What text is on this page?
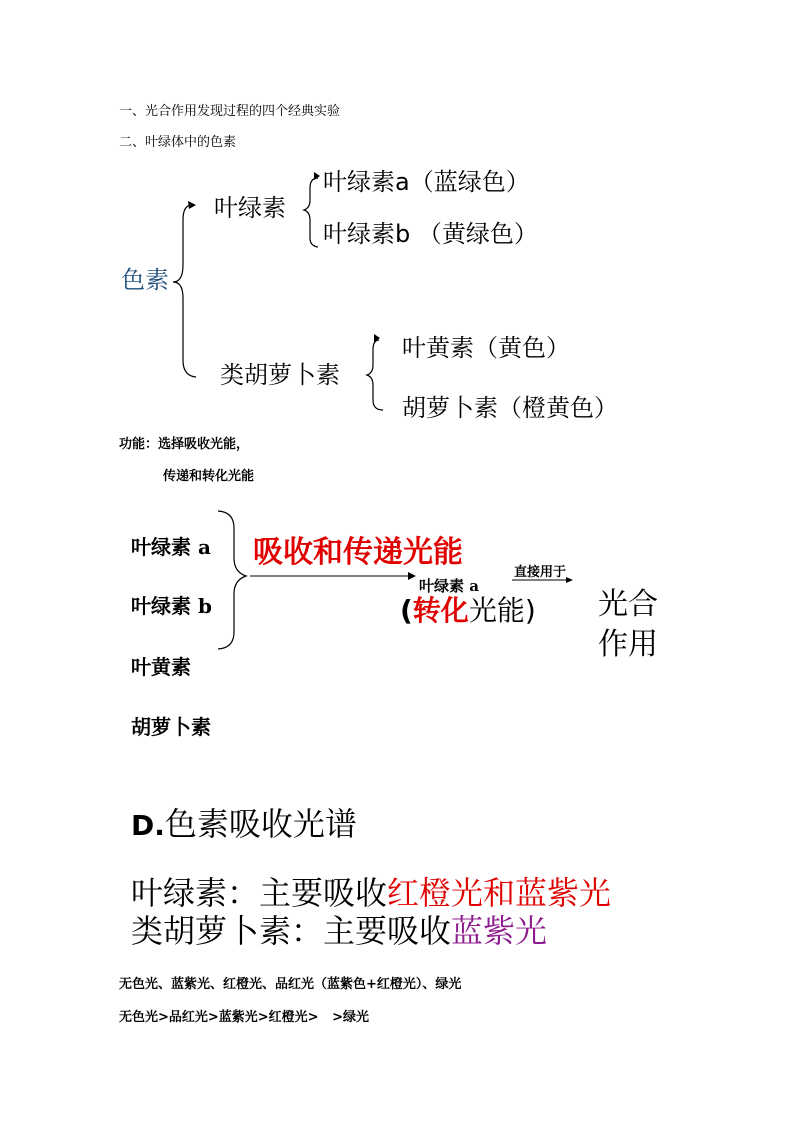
一、光合作用发现过程的四个经典实验
二、叶绿体中的色素
色素
叶绿素
叶绿素a（蓝绿色）
叶绿素b （黄绿色）
类胡萝卜素
叶黄素（黄色）
胡萝卜素（橙黄色）
功能：选择吸收光能，
传递和转化光能
叶绿素 a
叶绿素 b
叶黄素
胡萝卜素
吸收和传递光能
叶绿素 a
直接用于
(转化光能) 光合
作用
D.色素吸收光谱
叶绿素：主要吸收红橙光和蓝紫光
类胡萝卜素：主要吸收蓝紫光
无色光、蓝紫光、红橙光、品红光（蓝紫色+红橙光）、绿光
无色光>品红光>蓝紫光>红橙光>   >绿光
